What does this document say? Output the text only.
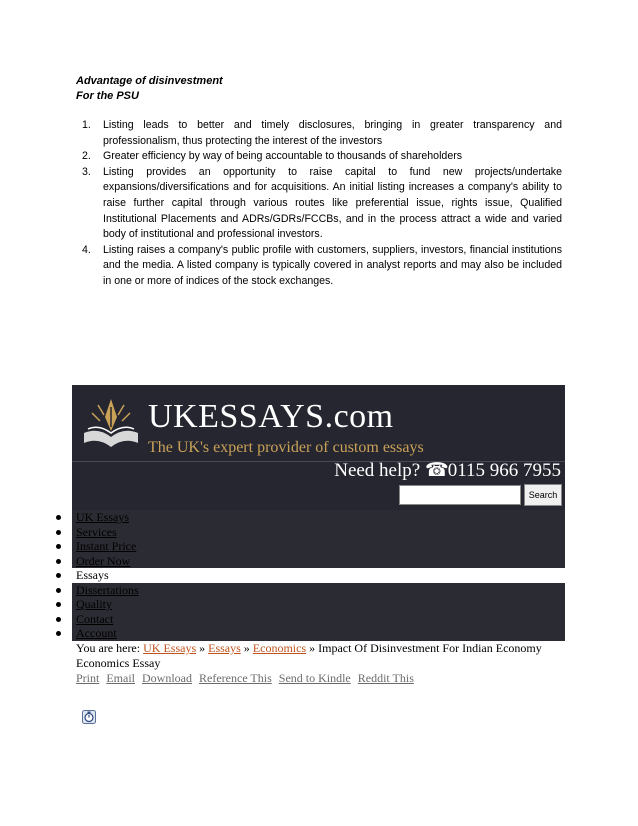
Advantage of disinvestment
For the PSU
1. Listing leads to better and timely disclosures, bringing in greater transparency and professionalism, thus protecting the interest of the investors
2. Greater efficiency by way of being accountable to thousands of shareholders
3. Listing provides an opportunity to raise capital to fund new projects/undertake expansions/diversifications and for acquisitions. An initial listing increases a company's ability to raise further capital through various routes like preferential issue, rights issue, Qualified Institutional Placements and ADRs/GDRs/FCCBs, and in the process attract a wide and varied body of institutional and professional investors.
4. Listing raises a company's public profile with customers, suppliers, investors, financial institutions and the media. A listed company is typically covered in analyst reports and may also be included in one or more of indices of the stock exchanges.
UKESSAYS.com
The UK's expert provider of custom essays
Need help? ☎ 0115 966 7955
Search
UK Essays
Services
Instant Price
Order Now
Essays
Dissertations
Quality
Contact
Account
You are here: UK Essays » Essays » Economics » Impact Of Disinvestment For Indian Economy Economics Essay
Print Email Download Reference This Send to Kindle Reddit This
